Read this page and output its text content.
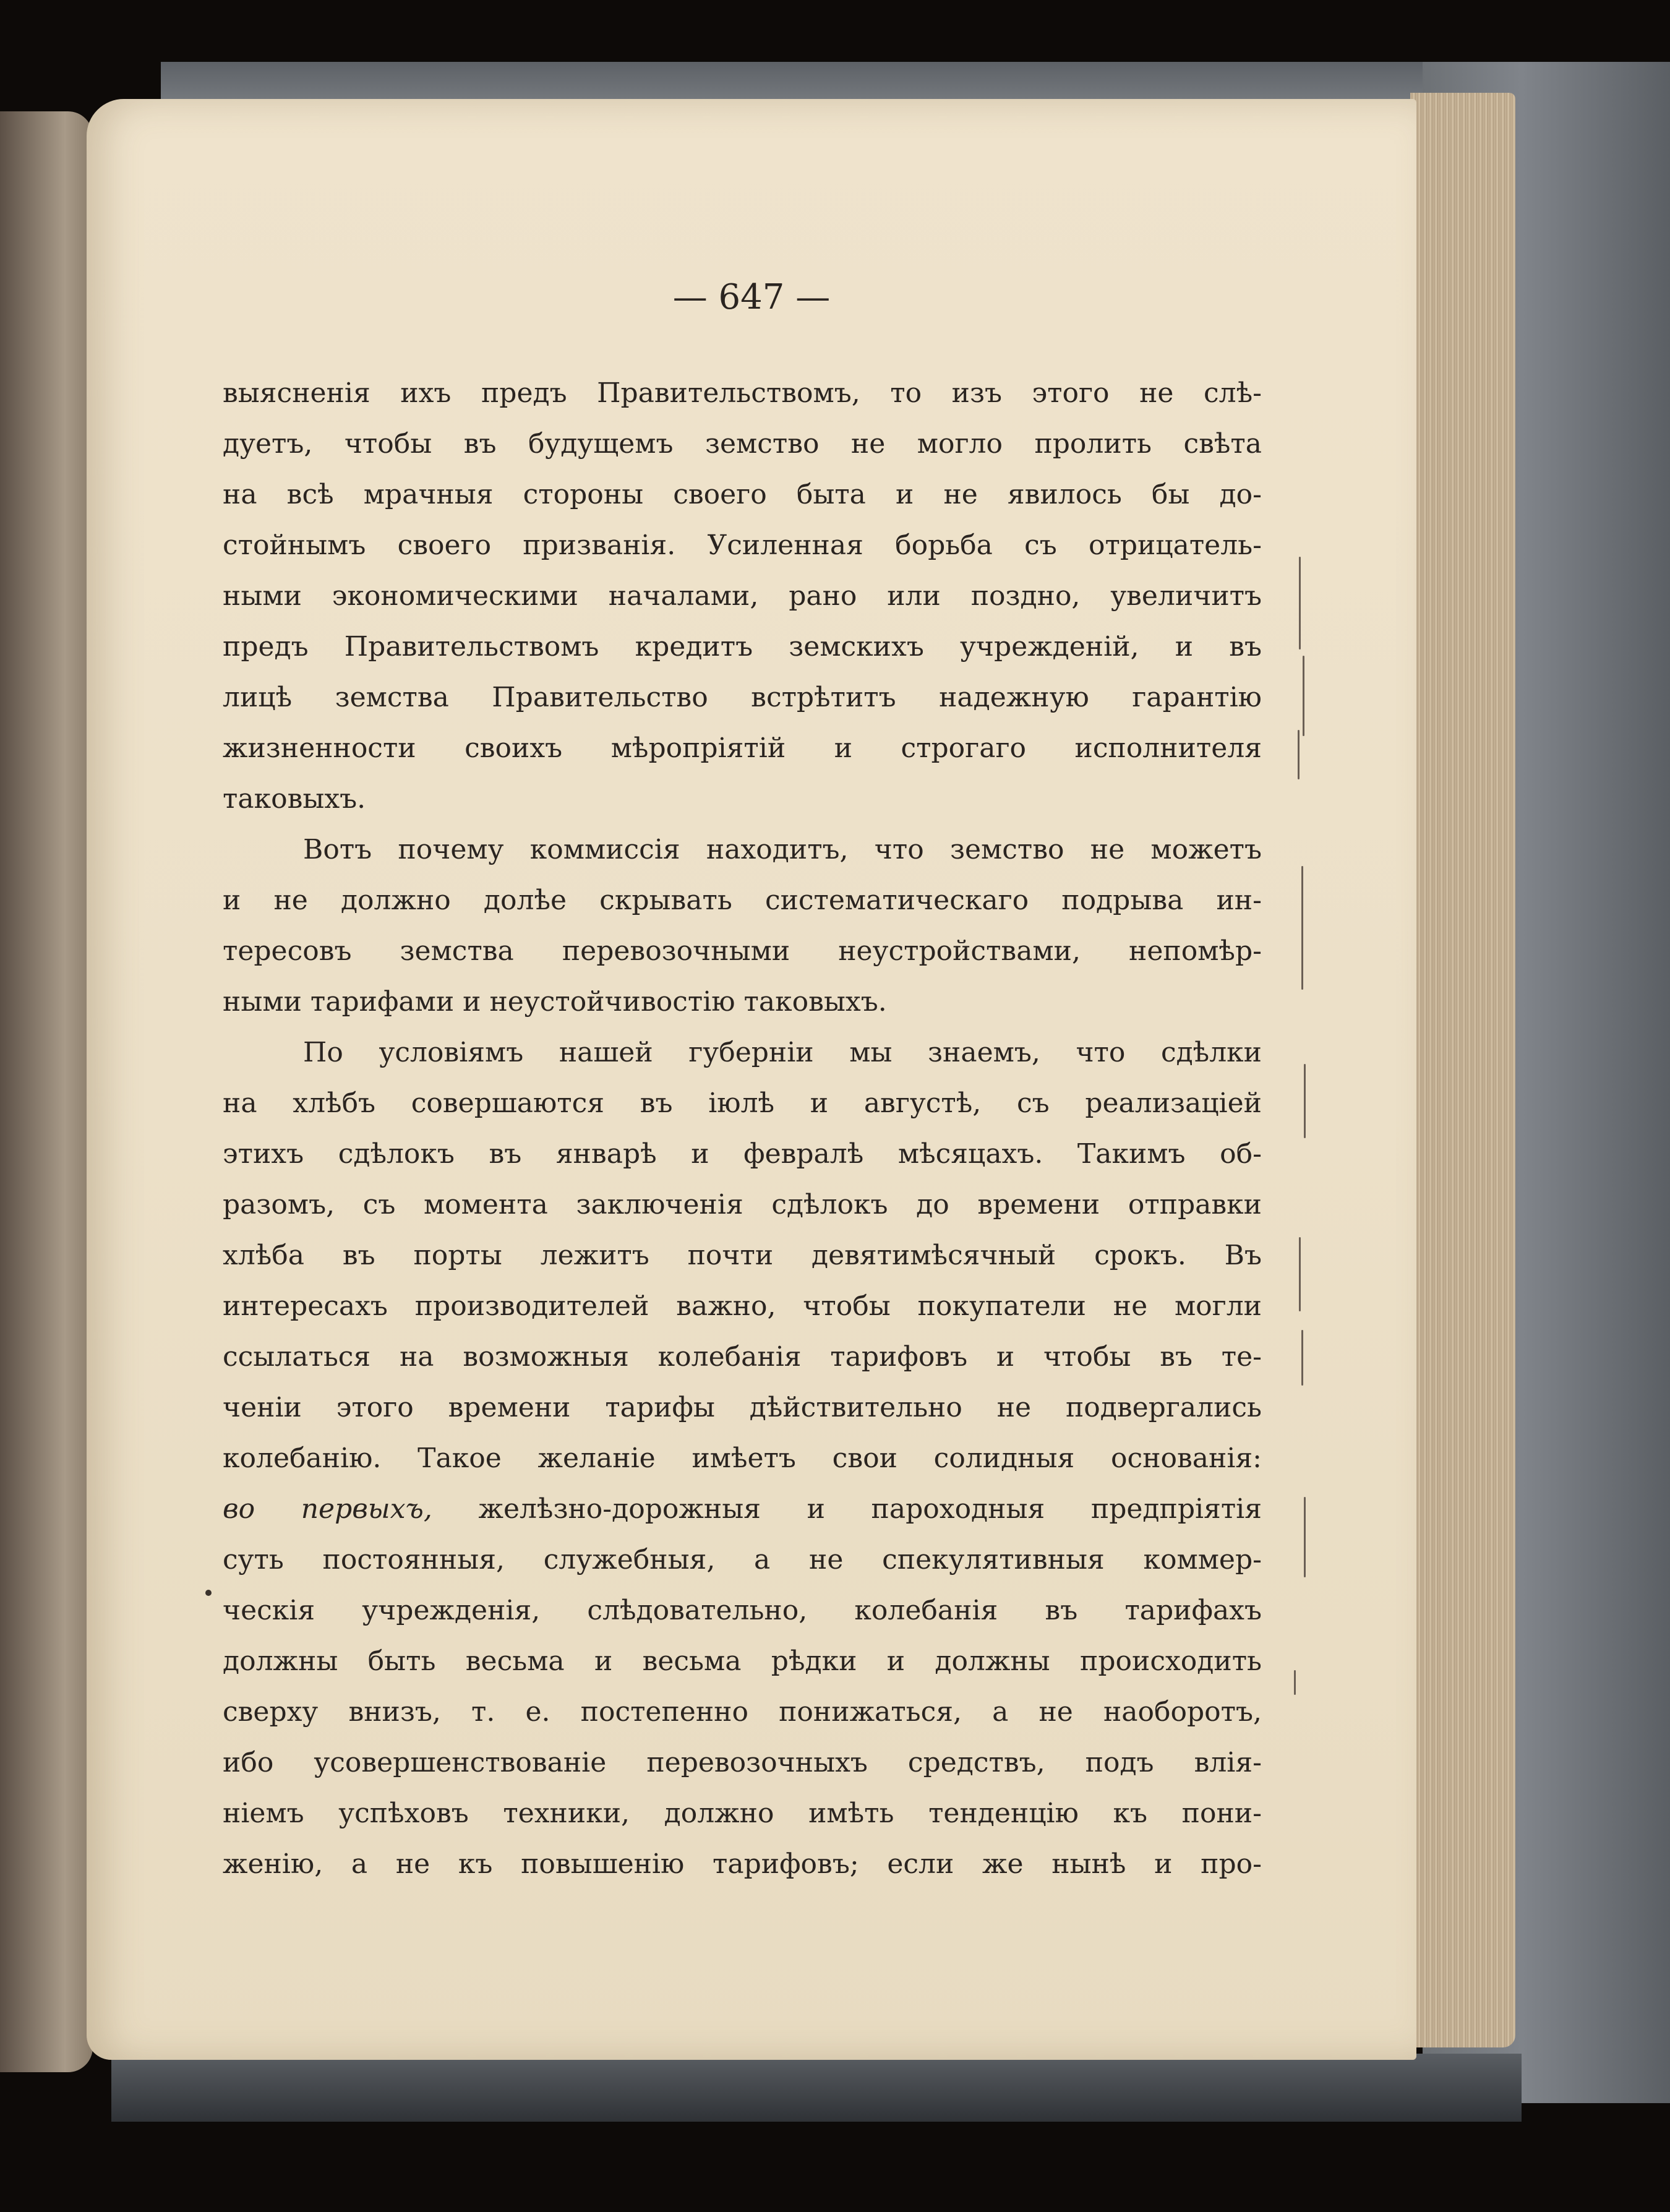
— 647 —
выясненія ихъ предъ Правительствомъ, то изъ этого не слѣ-
дуетъ, чтобы въ будущемъ земство не могло пролить свѣта
на всѣ мрачныя стороны своего быта и не явилось бы до-
стойнымъ своего призванія. Усиленная борьба съ отрицатель-
ными экономическими началами, рано или поздно, увеличитъ
предъ Правительствомъ кредитъ земскихъ учрежденій, и въ
лицѣ земства Правительство встрѣтитъ надежную гарантію
жизненности своихъ мѣропріятій и строгаго исполнителя
таковыхъ.
Вотъ почему коммиссія находитъ, что земство не можетъ
и не должно долѣе скрывать систематическаго подрыва ин-
тересовъ земства перевозочными неустройствами, непомѣр-
ными тарифами и неустойчивостію таковыхъ.
По условіямъ нашей губерніи мы знаемъ, что сдѣлки
на хлѣбъ совершаются въ іюлѣ и августѣ, съ реализаціей
этихъ сдѣлокъ въ январѣ и февралѣ мѣсяцахъ. Такимъ об-
разомъ, съ момента заключенія сдѣлокъ до времени отправки
хлѣба въ порты лежитъ почти девятимѣсячный срокъ. Въ
интересахъ производителей важно, чтобы покупатели не могли
ссылаться на возможныя колебанія тарифовъ и чтобы въ те-
ченіи этого времени тарифы дѣйствительно не подвергались
колебанію. Такое желаніе имѣетъ свои солидныя основанія:
во первыхъ, желѣзно-дорожныя и пароходныя предпріятія
суть постоянныя, служебныя, а не спекулятивныя коммер-
ческія учрежденія, слѣдовательно, колебанія въ тарифахъ
должны быть весьма и весьма рѣдки и должны происходить
сверху внизъ, т. е. постепенно понижаться, а не наоборотъ,
ибо усовершенствованіе перевозочныхъ средствъ, подъ влія-
ніемъ успѣховъ техники, должно имѣть тенденцію къ пони-
женію, а не къ повышенію тарифовъ; если же нынѣ и про-
